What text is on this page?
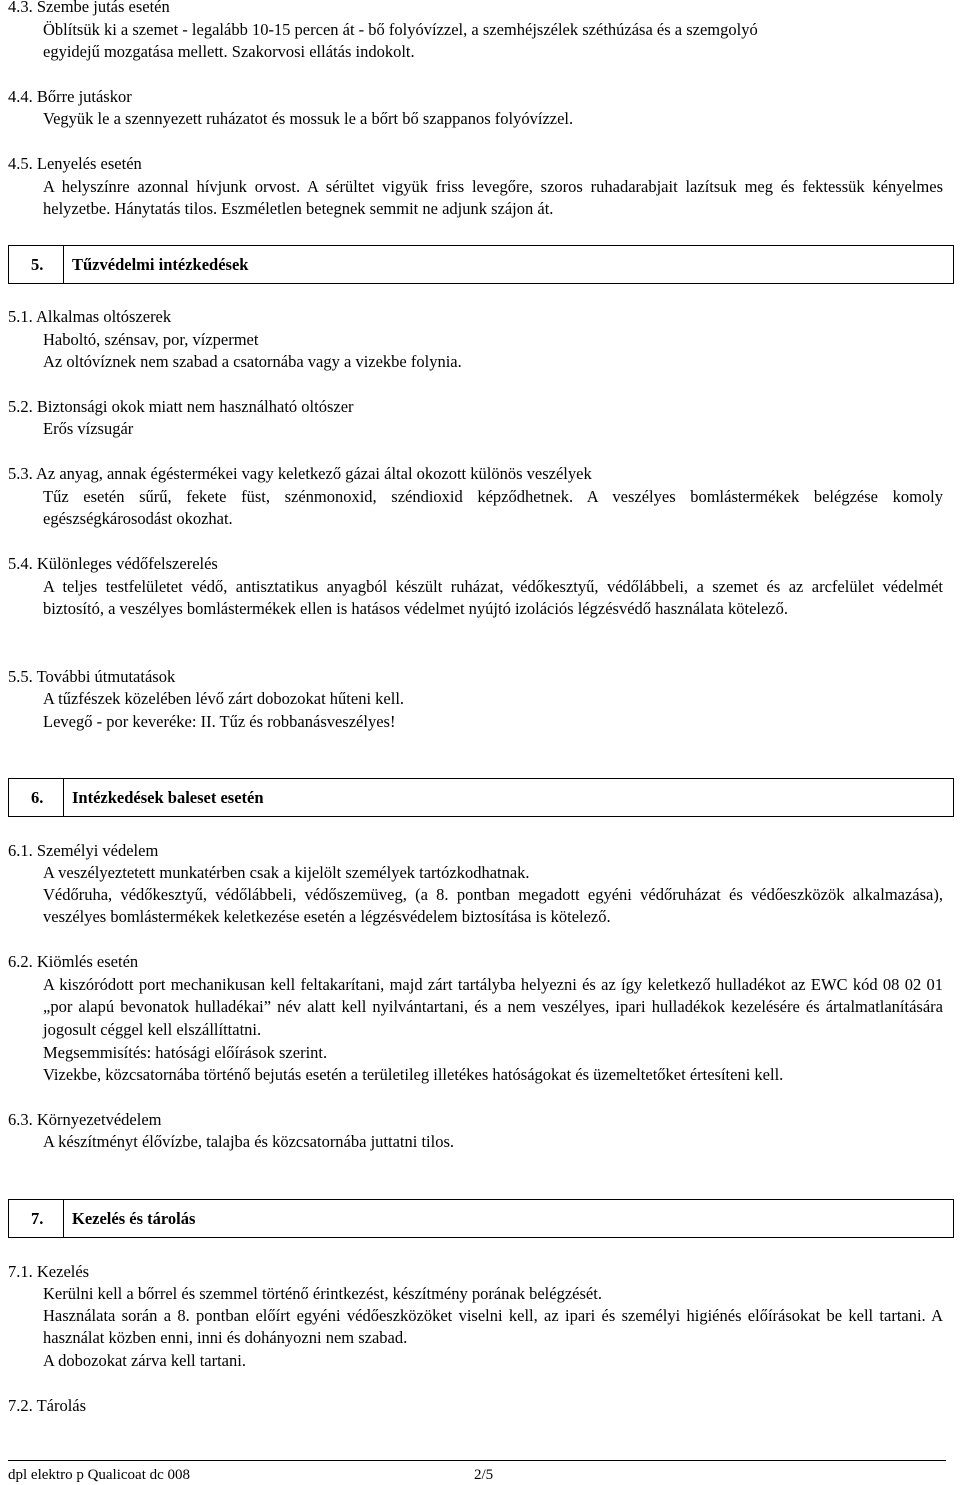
4.3. Szembe jutás esetén
Öblítsük ki a szemet - legalább 10-15 percen át - bő folyóvízzel, a szemhéjszélek széthúzása és a szemgolyó
egyidejű mozgatása mellett. Szakorvosi ellátás indokolt.
4.4. Bőrre jutáskor
Vegyük le a szennyezett ruházatot és mossuk le a bőrt bő szappanos folyóvízzel.
4.5. Lenyelés esetén
A helyszínre azonnal hívjunk orvost. A sérültet vigyük friss levegőre, szoros ruhadarabjait lazítsuk meg és fektessük kényelmes helyzetbe. Hánytatás tilos. Eszméletlen betegnek semmit ne adjunk szájon át.
5. Tűzvédelmi intézkedések
5.1. Alkalmas oltószerek
Haboltó, szénsav, por, vízpermet
Az oltóvíznek nem szabad a csatornába vagy a vizekbe folynia.
5.2. Biztonsági okok miatt nem használható oltószer
Erős vízsugár
5.3. Az anyag, annak égéstermékei vagy keletkező gázai által okozott különös veszélyek
Tűz esetén sűrű, fekete füst, szénmonoxid, széndioxid képződhetnek. A veszélyes bomlástermékek belégzése komoly egészségkárosodást okozhat.
5.4. Különleges védőfelszerelés
A teljes testfelületet védő, antisztatikus anyagból készült ruházat, védőkesztyű, védőlábbeli, a szemet és az arcfelület védelmét biztosító, a veszélyes bomlástermékek ellen is hatásos védelmet nyújtó izolációs légzésvédő használata kötelező.
5.5. További útmutatások
A tűzfészek közelében lévő zárt dobozokat hűteni kell.
Levegő - por keveréke: II. Tűz és robbanásveszélyes!
6. Intézkedések baleset esetén
6.1. Személyi védelem
A veszélyeztetett munkatérben csak a kijelölt személyek tartózkodhatnak.
Védőruha, védőkesztyű, védőlábbeli, védőszemüveg, (a 8. pontban megadott egyéni védőruházat és védőeszközök alkalmazása), veszélyes bomlástermékek keletkezése esetén a légzésvédelem biztosítása is kötelező.
6.2. Kiömlés esetén
A kiszóródott port mechanikusan kell feltakarítani, majd zárt tartályba helyezni és az így keletkező hulladékot az EWC kód 08 02 01 „por alapú bevonatok hulladékai” név alatt kell nyilvántartani, és a nem veszélyes, ipari hulladékok kezelésére és ártalmatlanítására jogosult céggel kell elszállíttatni.
Megsemmisítés: hatósági előírások szerint.
Vizekbe, közcsatornába történő bejutás esetén a területileg illetékes hatóságokat és üzemeltetőket értesíteni kell.
6.3. Környezetvédelem
A készítményt élővízbe, talajba és közcsatornába juttatni tilos.
7. Kezelés és tárolás
7.1. Kezelés
Kerülni kell a bőrrel és szemmel történő érintkezést, készítmény porának belégzését.
Használata során a 8. pontban előírt egyéni védőeszközöket viselni kell, az ipari és személyi higiénés előírásokat be kell tartani. A használat közben enni, inni és dohányozni nem szabad.
A dobozokat zárva kell tartani.
7.2. Tárolás
dpl elektro p Qualicoat dc 008	2/5
